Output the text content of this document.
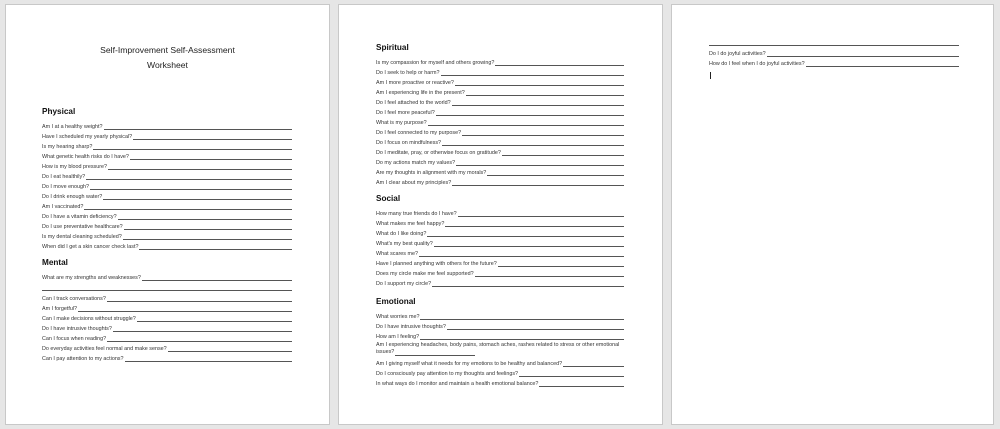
Self-Improvement Self-Assessment
Worksheet
Physical
Am I at a healthy weight?
Have I scheduled my yearly physical?
Is my hearing sharp?
What genetic health risks do I have?
How is my blood pressure?
Do I eat healthily?
Do I move enough?
Do I drink enough water?
Am I vaccinated?
Do I have a vitamin deficiency?
Do I use preventative healthcare?
Is my dental cleaning scheduled?
When did I get a skin cancer check last?
Mental
What are my strengths and weaknesses?
Can I track conversations?
Am I forgetful?
Can I make decisions without struggle?
Do I have intrusive thoughts?
Can I focus when reading?
Do everyday activities feel normal and make sense?
Can I pay attention to my actions?
Spiritual
Is my compassion for myself and others growing?
Do I seek to help or harm?
Am I more proactive or reactive?
Am I experiencing life in the present?
Do I feel attached to the world?
Do I feel more peaceful?
What is my purpose?
Do I feel connected to my purpose?
Do I focus on mindfulness?
Do I meditate, pray, or otherwise focus on gratitude?
Do my actions match my values?
Are my thoughts in alignment with my morals?
Am I clear about my principles?
Social
How many true friends do I have?
What makes me feel happy?
What do I like doing?
What's my best quality?
What scares me?
Have I planned anything with others for the future?
Does my circle make me feel supported?
Do I support my circle?
Emotional
What worries me?
Do I have intrusive thoughts?
How am I feeling?
Am I experiencing headaches, body pains, stomach aches, rashes related to stress or other emotional issues?
Am I giving myself what it needs for my emotions to be healthy and balanced?
Do I consciously pay attention to my thoughts and feelings?
In what ways do I monitor and maintain a health emotional balance?
Do I do joyful activities?
How do I feel when I do joyful activities?
